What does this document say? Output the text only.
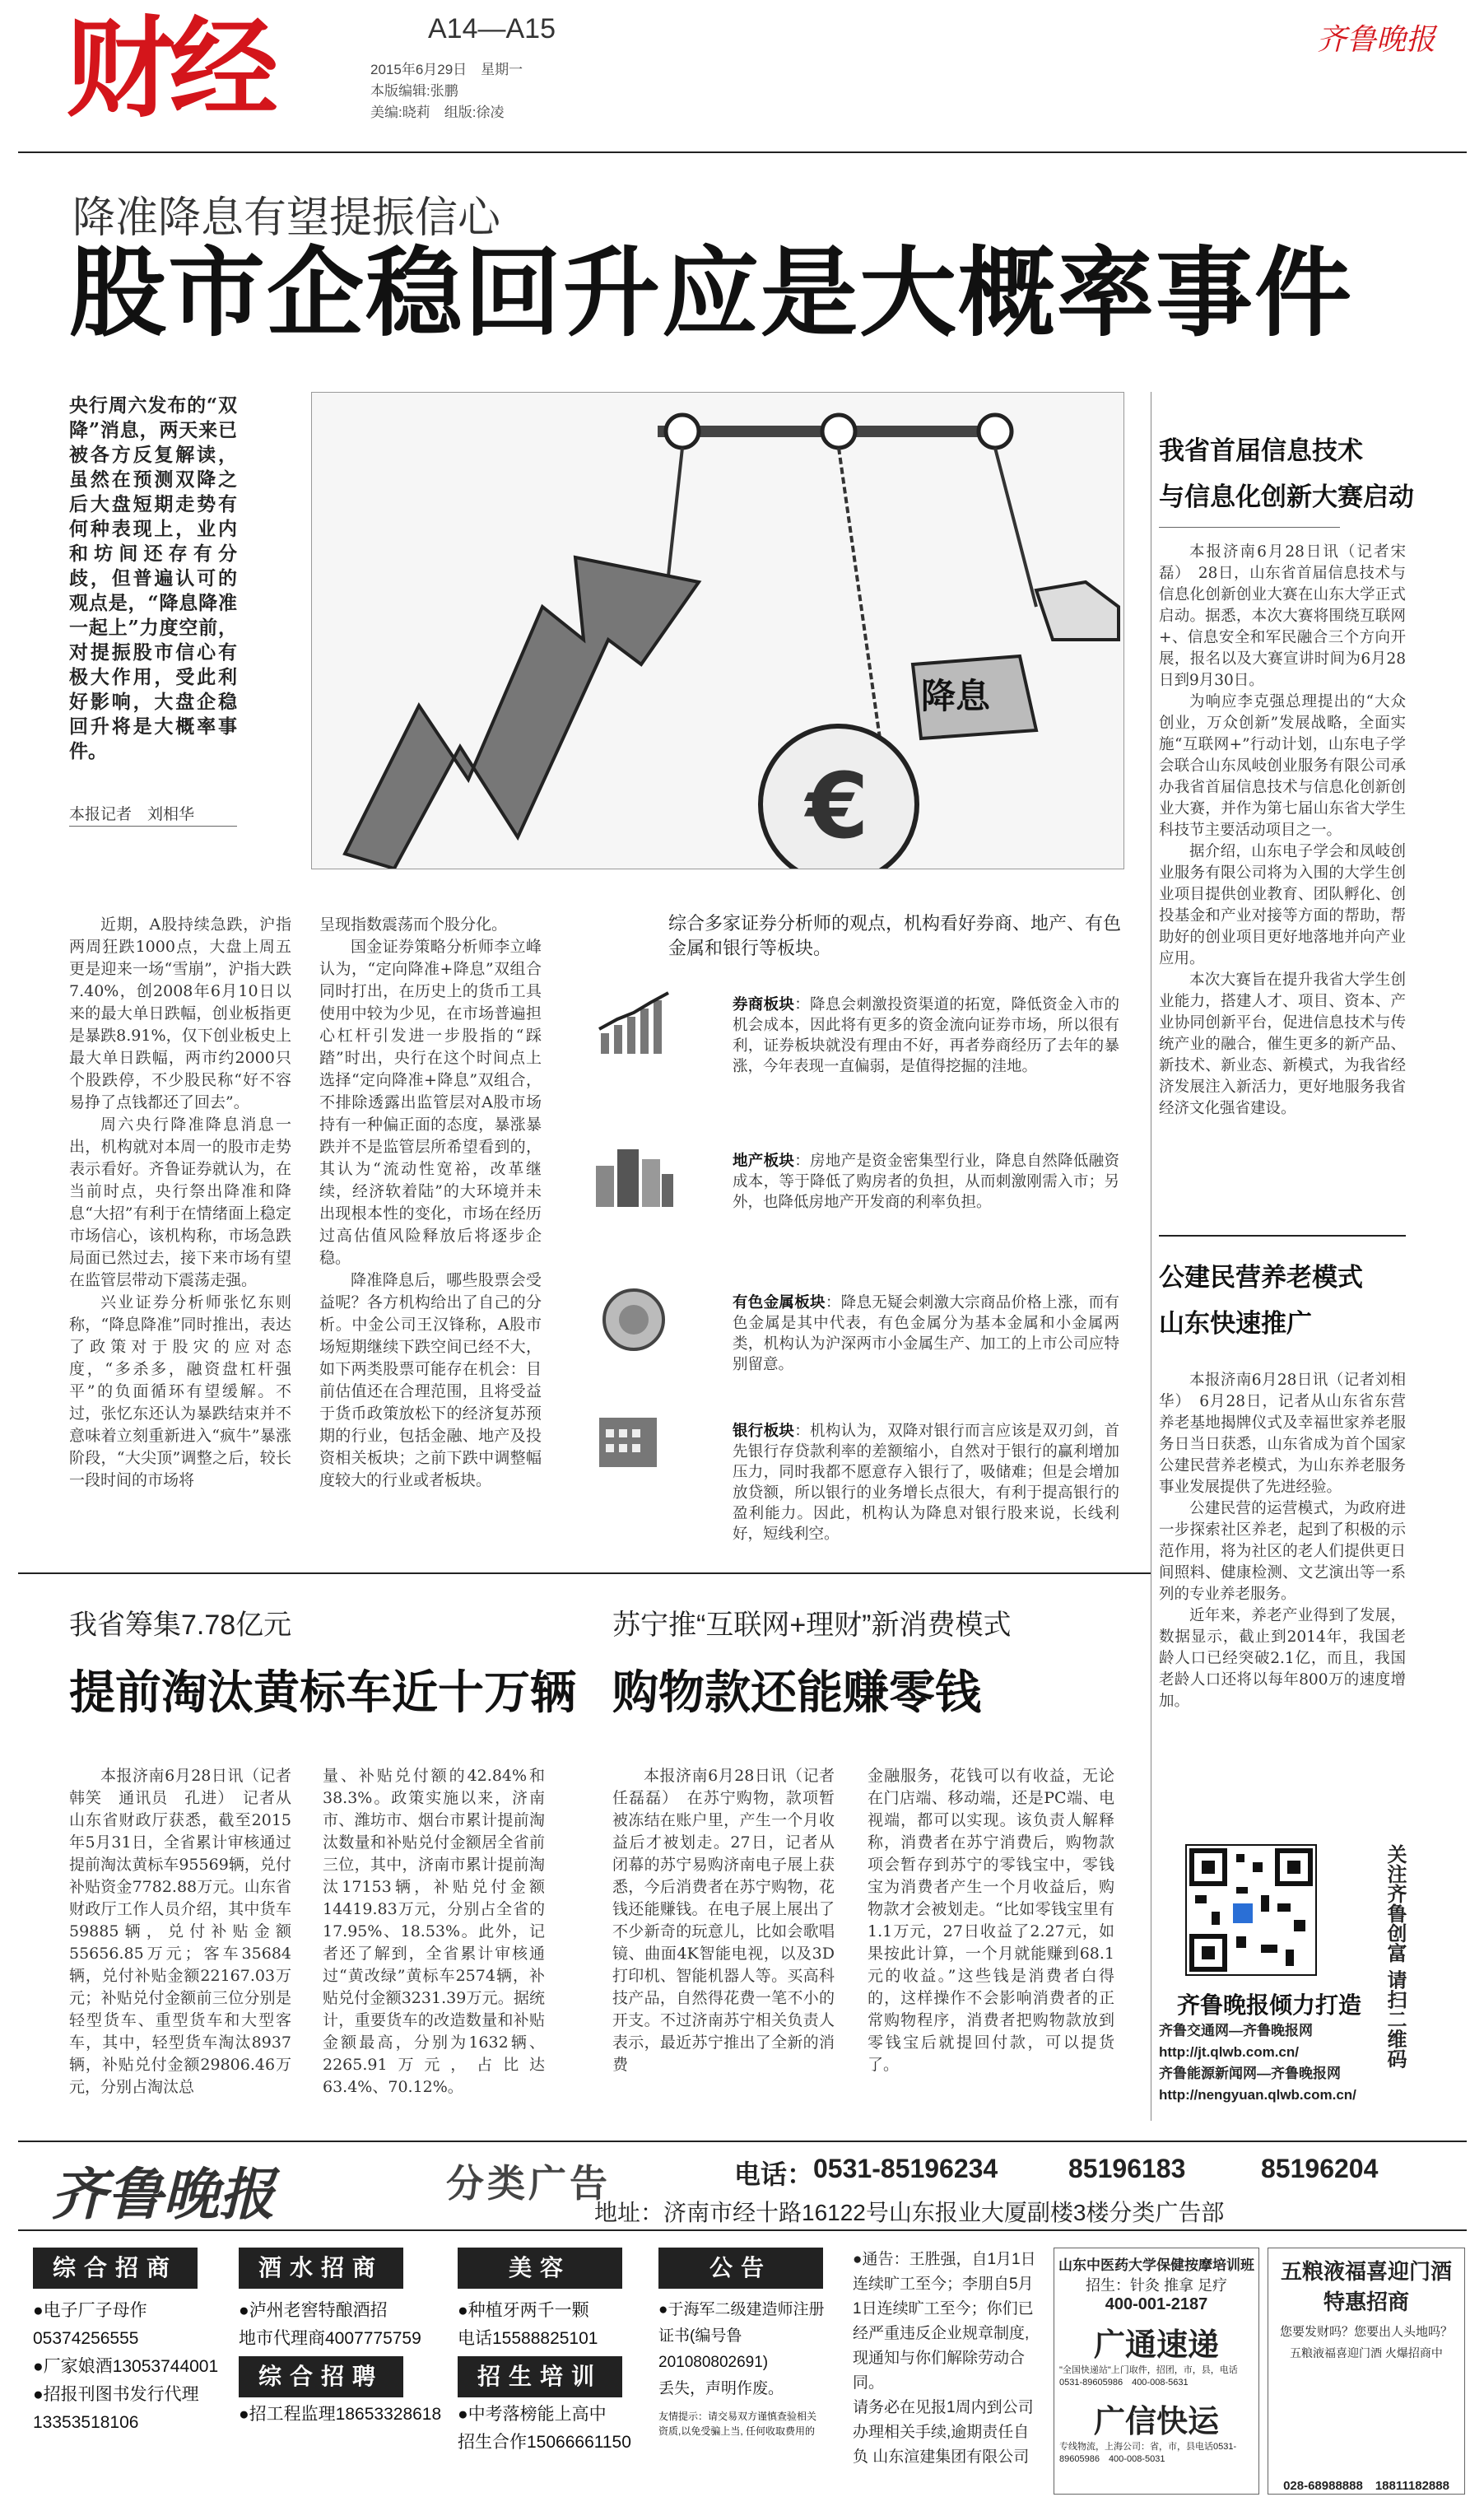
财经	A14—A15
2015年6月29日　星期一
本版编辑:张鹏
美编:晓莉　组版:徐凌
齐鲁晚报
降准降息有望提振信心
股市企稳回升应是大概率事件
央行周六发布的“双降”消息，两天来已被各方反复解读，虽然在预测双降之后大盘短期走势有何种表现上，业内和坊间还存有分歧，但普遍认可的观点是，“降息降准一起上”力度空前，对提振股市信心有极大作用，受此利好影响，大盘企稳回升将是大概率事件。
本报记者　刘相华	€
降息

近期，A股持续急跌，沪指两周狂跌1000点，大盘上周五更是迎来一场“雪崩”，沪指大跌7.40%，创2008年6月10日以来的最大单日跌幅，创业板指更是暴跌8.91%，仅下创业板史上最大单日跌幅，两市约2000只个股跌停，不少股民称“好不容易挣了点钱都还了回去”。

周六央行降准降息消息一出，机构就对本周一的股市走势表示看好。齐鲁证券就认为，在当前时点，央行祭出降准和降息“大招”有利于在情绪面上稳定市场信心，该机构称，市场急跌局面已然过去，接下来市场有望在监管层带动下震荡走强。

兴业证券分析师张忆东则称，“降息降准”同时推出，表达了政策对于股灾的应对态度，“多杀多，融资盘杠杆强平”的负面循环有望缓解。不过，张忆东还认为暴跌结束并不意味着立刻重新进入“疯牛”暴涨阶段，“大尖顶”调整之后，较长一段时间的市场将

呈现指数震荡而个股分化。

国金证券策略分析师李立峰认为，“定向降准+降息”双组合同时打出，在历史上的货币工具使用中较为少见，在市场普遍担心杠杆引发进一步股指的“踩踏”时出，央行在这个时间点上选择“定向降准+降息”双组合，不排除透露出监管层对A股市场持有一种偏正面的态度，暴涨暴跌并不是监管层所希望看到的，其认为“流动性宽裕，改革继续，经济软着陆”的大环境并未出现根本性的变化，市场在经历过高估值风险释放后将逐步企稳。

降准降息后，哪些股票会受益呢？各方机构给出了自己的分析。中金公司王汉锋称，A股市场短期继续下跌空间已经不大，如下两类股票可能存在机会：目前估值还在合理范围，且将受益于货币政策放松下的经济复苏预期的行业，包括金融、地产及投资相关板块；之前下跌中调整幅度较大的行业或者板块。

综合多家证券分析师的观点，机构看好券商、地产、有色金属和银行等板块。
券商板块：降息会刺激投资渠道的拓宽，降低资金入市的机会成本，因此将有更多的资金流向证券市场，所以很有利，证券板块就没有理由不好，再者券商经历了去年的暴涨，今年表现一直偏弱，是值得挖掘的洼地。
地产板块：房地产是资金密集型行业，降息自然降低融资成本，等于降低了购房者的负担，从而刺激刚需入市；另外，也降低房地产开发商的利率负担。
有色金属板块：降息无疑会刺激大宗商品价格上涨，而有色金属是其中代表，有色金属分为基本金属和小金属两类，机构认为沪深两市小金属生产、加工的上市公司应特别留意。
银行板块：机构认为，双降对银行而言应该是双刃剑，首先银行存贷款利率的差额缩小，自然对于银行的赢利增加压力，同时我都不愿意存入银行了，吸储难；但是会增加放贷额，所以银行的业务增长点很大，有利于提高银行的盈利能力。因此，机构认为降息对银行股来说，长线利好，短线利空。
我省首届信息技术
与信息化创新大赛启动

本报济南6月28日讯（记者宋磊）　28日，山东省首届信息技术与信息化创新创业大赛在山东大学正式启动。据悉，本次大赛将围绕互联网+、信息安全和军民融合三个方向开展，报名以及大赛宣讲时间为6月28日到9月30日。

为响应李克强总理提出的“大众创业，万众创新”发展战略，全面实施“互联网+”行动计划，山东电子学会联合山东凤岐创业服务有限公司承办我省首届信息技术与信息化创新创业大赛，并作为第七届山东省大学生科技节主要活动项目之一。

据介绍，山东电子学会和凤岐创业服务有限公司将为入围的大学生创业项目提供创业教育、团队孵化、创投基金和产业对接等方面的帮助，帮助好的创业项目更好地落地并向产业应用。

本次大赛旨在提升我省大学生创业能力，搭建人才、项目、资本、产业协同创新平台，促进信息技术与传统产业的融合，催生更多的新产品、新技术、新业态、新模式，为我省经济发展注入新活力，更好地服务我省经济文化强省建设。

公建民营养老模式
山东快速推广

本报济南6月28日讯（记者刘相华）　6月28日，记者从山东省东营养老基地揭牌仪式及幸福世家养老服务日当日获悉，山东省成为首个国家公建民营养老模式，为山东养老服务事业发展提供了先进经验。

公建民营的运营模式，为政府进一步探索社区养老，起到了积极的示范作用，将为社区的老人们提供更日间照料、健康检测、文艺演出等一系列的专业养老服务。

近年来，养老产业得到了发展，数据显示，截止到2014年，我国老龄人口已经突破2.1亿，而且，我国老龄人口还将以每年800万的速度增加。

关注齐鲁创富 请扫二维码
齐鲁晚报倾力打造
齐鲁交通网—齐鲁晚报网
http://jt.qlwb.com.cn/
齐鲁能源新闻网—齐鲁晚报网
http://nengyuan.qlwb.com.cn/
我省筹集7.78亿元
提前淘汰黄标车近十万辆
本报济南6月28日讯（记者　韩笑　通讯员　孔进）　记者从山东省财政厅获悉，截至2015年5月31日，全省累计审核通过提前淘汰黄标车95569辆，兑付补贴资金7782.88万元。山东省财政厅工作人员介绍，其中货车59885辆，兑付补贴金额55656.85万元；客车35684辆，兑付补贴金额22167.03万元；补贴兑付金额前三位分别是轻型货车、重型货车和大型客车，其中，轻型货车淘汰8937辆，补贴兑付金额29806.46万元，分别占淘汰总
量、补贴兑付额的42.84%和38.3%。政策实施以来，济南市、潍坊市、烟台市累计提前淘汰数量和补贴兑付金额居全省前三位，其中，济南市累计提前淘汰17153辆，补贴兑付金额14419.83万元，分别占全省的17.95%、18.53%。此外，记者还了解到，全省累计审核通过“黄改绿”黄标车2574辆，补贴兑付金额3231.39万元。据统计，重要货车的改造数量和补贴金额最高，分别为1632辆、2265.91万元，占比达63.4%、70.12%。
苏宁推“互联网+理财”新消费模式
购物款还能赚零钱
本报济南6月28日讯（记者　任磊磊）　在苏宁购物，款项暂被冻结在账户里，产生一个月收益后才被划走。27日，记者从闭幕的苏宁易购济南电子展上获悉，今后消费者在苏宁购物，花钱还能赚钱。在电子展上展出了不少新奇的玩意儿，比如会歌唱镜、曲面4K智能电视，以及3D打印机、智能机器人等。买高科技产品，自然得花费一笔不小的开支。不过济南苏宁相关负责人表示，最近苏宁推出了全新的消费
金融服务，花钱可以有收益，无论在门店端、移动端，还是PC端、电视端，都可以实现。该负责人解释称，消费者在苏宁消费后，购物款项会暂存到苏宁的零钱宝中，零钱宝为消费者产生一个月收益后，购物款才会被划走。“比如零钱宝里有1.1万元，27日收益了2.27元，如果按此计算，一个月就能赚到68.1元的收益。”这些钱是消费者白得的，这样操作不会影响消费者的正常购物程序，消费者把购物款放到零钱宝后就提回付款，可以提货了。
齐鲁晚报	分类广告	电话： 0531-85196234	85196183	85196204
地址：济南市经十路16122号山东报业大厦副楼3楼分类广告部
综合招商
●电子厂子母作
05374256555
●厂家娘酒13053744001
●招报刊图书发行代理
13353518106
酒水招商
●泸州老窖特酿酒招
地市代理商4007775759
综合招聘
●招工程监理18653328618
美容
●种植牙两千一颗
电话15588825101
招生培训
●中考落榜能上高中
招生合作15066661150
公告
●于海军二级建造师注册
证书(编号鲁201080802691)
丢失，声明作废。
友情提示：请交易双方谨慎查验相关
资质,以免受骗上当, 任何收取费用的
●通告：王胜强，自1月1日
连续旷工至今；李朋自5月
1日连续旷工至今；你们已
经严重违反企业规章制度,
现通知与你们解除劳动合同。
请务必在见报1周内到公司
办理相关手续,逾期责任自
负 山东渲建集团有限公司
山东中医药大学保健按摩培训班
招生：针灸 推拿 足疗
400-001-2187
广通速递
"全国快递站"上门取件，招团，市，县，电话0531-89605986　400-008-5631
广信快运
专线物流，上海公司：省，市，县电话0531-89605986　400-008-5031
五粮液福喜迎门酒
特惠招商
您要发财吗？您要出人头地吗？
五粮液福喜迎门酒 火爆招商中
028-68988888　18811182888
